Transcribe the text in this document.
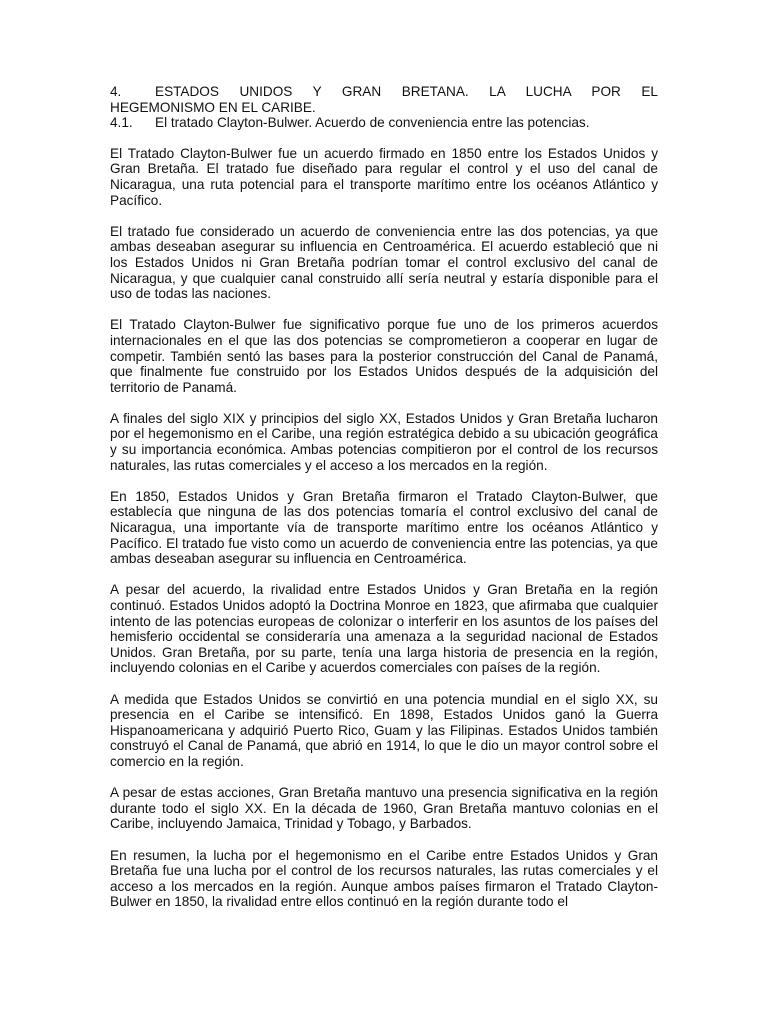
4.	ESTADOS UNIDOS Y GRAN BRETANA. LA LUCHA POR EL
HEGEMONISMO EN EL CARIBE.
4.1.	El tratado Clayton-Bulwer. Acuerdo de conveniencia entre las potencias.

El Tratado Clayton-Bulwer fue un acuerdo firmado en 1850 entre los Estados Unidos y Gran Bretaña. El tratado fue diseñado para regular el control y el uso del canal de Nicaragua, una ruta potencial para el transporte marítimo entre los océanos Atlántico y Pacífico.

El tratado fue considerado un acuerdo de conveniencia entre las dos potencias, ya que ambas deseaban asegurar su influencia en Centroamérica. El acuerdo estableció que ni los Estados Unidos ni Gran Bretaña podrían tomar el control exclusivo del canal de Nicaragua, y que cualquier canal construido allí sería neutral y estaría disponible para el uso de todas las naciones.

El Tratado Clayton-Bulwer fue significativo porque fue uno de los primeros acuerdos internacionales en el que las dos potencias se comprometieron a cooperar en lugar de competir. También sentó las bases para la posterior construcción del Canal de Panamá, que finalmente fue construido por los Estados Unidos después de la adquisición del territorio de Panamá.

A finales del siglo XIX y principios del siglo XX, Estados Unidos y Gran Bretaña lucharon por el hegemonismo en el Caribe, una región estratégica debido a su ubicación geográfica y su importancia económica. Ambas potencias compitieron por el control de los recursos naturales, las rutas comerciales y el acceso a los mercados en la región.

En 1850, Estados Unidos y Gran Bretaña firmaron el Tratado Clayton-Bulwer, que establecía que ninguna de las dos potencias tomaría el control exclusivo del canal de Nicaragua, una importante vía de transporte marítimo entre los océanos Atlántico y Pacífico. El tratado fue visto como un acuerdo de conveniencia entre las potencias, ya que ambas deseaban asegurar su influencia en Centroamérica.

A pesar del acuerdo, la rivalidad entre Estados Unidos y Gran Bretaña en la región continuó. Estados Unidos adoptó la Doctrina Monroe en 1823, que afirmaba que cualquier intento de las potencias europeas de colonizar o interferir en los asuntos de los países del hemisferio occidental se consideraría una amenaza a la seguridad nacional de Estados Unidos. Gran Bretaña, por su parte, tenía una larga historia de presencia en la región, incluyendo colonias en el Caribe y acuerdos comerciales con países de la región.

A medida que Estados Unidos se convirtió en una potencia mundial en el siglo XX, su presencia en el Caribe se intensificó. En 1898, Estados Unidos ganó la Guerra Hispanoamericana y adquirió Puerto Rico, Guam y las Filipinas. Estados Unidos también construyó el Canal de Panamá, que abrió en 1914, lo que le dio un mayor control sobre el comercio en la región.

A pesar de estas acciones, Gran Bretaña mantuvo una presencia significativa en la región durante todo el siglo XX. En la década de 1960, Gran Bretaña mantuvo colonias en el Caribe, incluyendo Jamaica, Trinidad y Tobago, y Barbados.

En resumen, la lucha por el hegemonismo en el Caribe entre Estados Unidos y Gran Bretaña fue una lucha por el control de los recursos naturales, las rutas comerciales y el acceso a los mercados en la región. Aunque ambos países firmaron el Tratado Clayton-Bulwer en 1850, la rivalidad entre ellos continuó en la región durante todo el
